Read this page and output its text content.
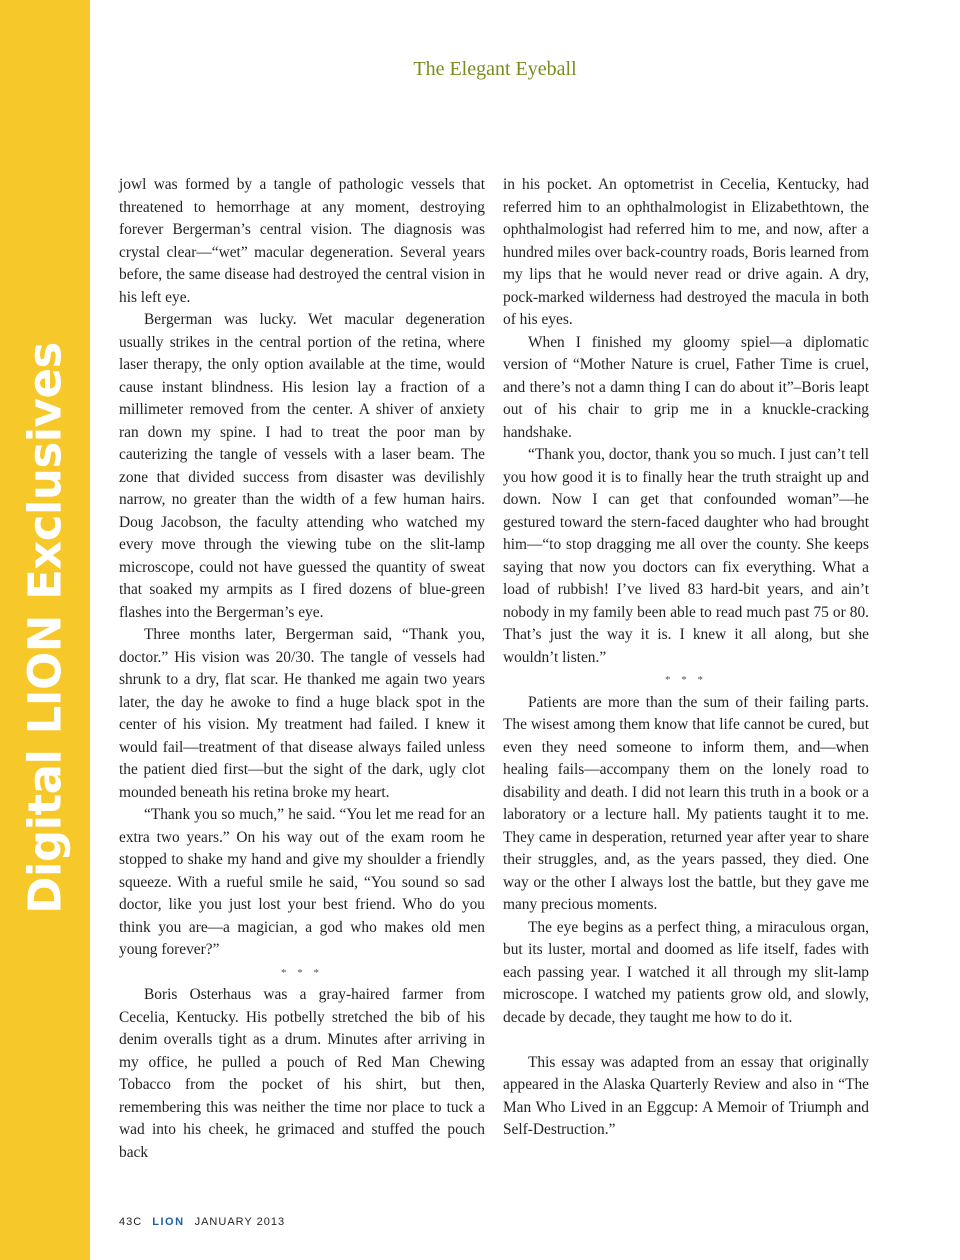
Digital LION Exclusives
The Elegant Eyeball

jowl was formed by a tangle of pathologic vessels that threatened to hemorrhage at any moment, destroying forever Bergerman’s central vision. The diagnosis was crystal clear—“wet” macular degeneration. Several years before, the same disease had destroyed the central vision in his left eye.

Bergerman was lucky. Wet macular degeneration usually strikes in the central portion of the retina, where laser therapy, the only option available at the time, would cause instant blindness. His lesion lay a fraction of a millimeter removed from the center. A shiver of anxiety ran down my spine. I had to treat the poor man by cauterizing the tangle of vessels with a laser beam. The zone that divided success from disaster was devilishly narrow, no greater than the width of a few human hairs. Doug Jacobson, the faculty attending who watched my every move through the viewing tube on the slit-lamp microscope, could not have guessed the quantity of sweat that soaked my armpits as I fired dozens of blue-green flashes into the Bergerman’s eye.

Three months later, Bergerman said, “Thank you, doctor.” His vision was 20/30. The tangle of vessels had shrunk to a dry, flat scar. He thanked me again two years later, the day he awoke to find a huge black spot in the center of his vision. My treatment had failed. I knew it would fail—treatment of that disease always failed unless the patient died first—but the sight of the dark, ugly clot mounded beneath his retina broke my heart.

“Thank you so much,” he said. “You let me read for an extra two years.” On his way out of the exam room he stopped to shake my hand and give my shoulder a friendly squeeze. With a rueful smile he said, “You sound so sad doctor, like you just lost your best friend. Who do you think you are—a magician, a god who makes old men young forever?”

* * *

Boris Osterhaus was a gray-haired farmer from Cecelia, Kentucky. His potbelly stretched the bib of his denim overalls tight as a drum. Minutes after arriving in my office, he pulled a pouch of Red Man Chewing Tobacco from the pocket of his shirt, but then, remembering this was neither the time nor place to tuck a wad into his cheek, he grimaced and stuffed the pouch back

in his pocket. An optometrist in Cecelia, Kentucky, had referred him to an ophthalmologist in Elizabethtown, the ophthalmologist had referred him to me, and now, after a hundred miles over back-country roads, Boris learned from my lips that he would never read or drive again. A dry, pock-marked wilderness had destroyed the macula in both of his eyes.

When I finished my gloomy spiel—a diplomatic version of “Mother Nature is cruel, Father Time is cruel, and there’s not a damn thing I can do about it”–Boris leapt out of his chair to grip me in a knuckle-cracking handshake.

“Thank you, doctor, thank you so much. I just can’t tell you how good it is to finally hear the truth straight up and down. Now I can get that confounded woman”—he gestured toward the stern-faced daughter who had brought him—“to stop dragging me all over the county. She keeps saying that now you doctors can fix everything. What a load of rubbish! I’ve lived 83 hard-bit years, and ain’t nobody in my family been able to read much past 75 or 80. That’s just the way it is. I knew it all along, but she wouldn’t listen.”

* * *

Patients are more than the sum of their failing parts. The wisest among them know that life cannot be cured, but even they need someone to inform them, and—when healing fails—accompany them on the lonely road to disability and death. I did not learn this truth in a book or a laboratory or a lecture hall. My patients taught it to me. They came in desperation, returned year after year to share their struggles, and, as the years passed, they died. One way or the other I always lost the battle, but they gave me many precious moments.

The eye begins as a perfect thing, a miraculous organ, but its luster, mortal and doomed as life itself, fades with each passing year. I watched it all through my slit-lamp microscope. I watched my patients grow old, and slowly, decade by decade, they taught me how to do it.

This essay was adapted from an essay that originally appeared in the Alaska Quarterly Review and also in “The Man Who Lived in an Eggcup: A Memoir of Triumph and Self-Destruction.”

43C LION JANUARY 2013
